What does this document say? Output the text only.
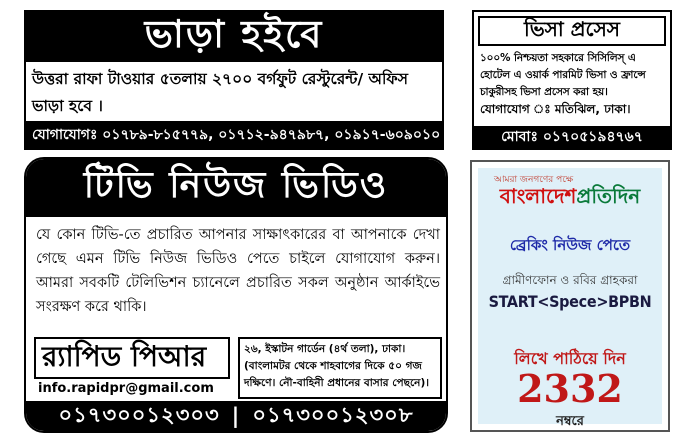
ভাড়া হইবে
উত্তরা রাফা টাওয়ার ৫তলায় ২৭০০ বর্গফুট রেস্টুরেন্ট/ অফিস ভাড়া হবে ।
যোগাযোগঃ ০১৭৮৯-৮১৫৭৭৯, ০১৭১২-৯৪৭৯৮৭, ০১৯১৭-৬০৯০১০
ভিসা প্রসেস
১০০% নিশ্চয়তা সহকারে সিসিলিস্ এ হোটেল এ ওয়ার্ক পারমিট ভিসা ও ফ্রান্সে চাকুরীসহ ভিসা প্রসেস করা হয়।
যোগাযোগ ঃ মতিঝিল, ঢাকা।
মোবাঃ ০১৭০৫১৯৪৭৬৭
টিভি নিউজ ভিডিও
যে কোন টিভি-তে প্রচারিত আপনার সাক্ষাৎকারের বা আপনাকে দেখা গেছে এমন টিভি নিউজ ভিডিও পেতে চাইলে যোগাযোগ করুন। আমরা সবকটি টেলিভিশন চ্যানেলে প্রচারিত সকল অনুষ্ঠান আর্কাইভে সংরক্ষণ করে থাকি।
র‍্যাপিড পিআর
info.rapidpr@gmail.com
২৬, ইস্কাটন গার্ডেন (৪র্থ তলা), ঢাকা। (বাংলামটর থেকে শাহবাগের দিকে ৫০ গজ দক্ষিণে। নৌ-বাহিনী প্রধানের বাসার পেছনে)।
০১৭৩০০১২৩০৩ | ০১৭৩০০১২৩০৮
আমরা জনগণের পক্ষে
বাংলাদেশপ্রতিদিন
ব্রেকিং নিউজ পেতে
গ্রামীণফোন ও রবির গ্রাহকরা
START<Spece>BPBN
লিখে পাঠিয়ে দিন
2332
নম্বরে
